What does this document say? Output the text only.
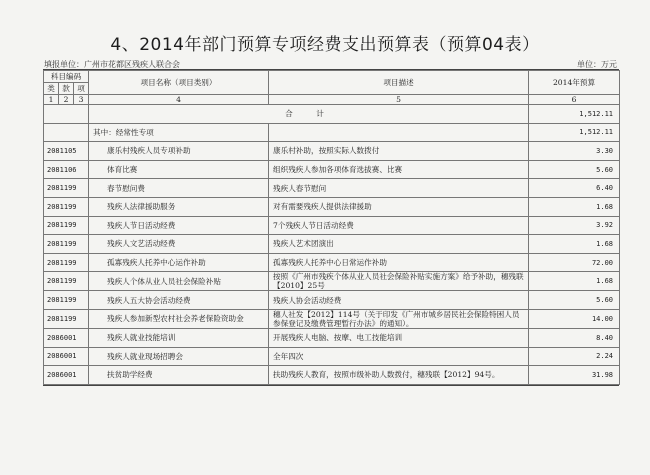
4、2014年部门预算专项经费支出预算表（预算04表）
填报单位：广州市花都区残疾人联合会	单位：万元
科目编码			项目名称（项目类别）	项目描述	2014年预算
类	款	项			
1	2	3	4	5	6
			合　计		1,512.11
			其中：经常性专项		1,512.11
2081105			康乐村残疾人员专项补助	康乐村补助，按照实际人数拨付	3.30
2081106			体育比赛	组织残疾人参加各项体育选拔赛、比赛	5.60
2081199			春节慰问费	残疾人春节慰问	6.40
2081199			残疾人法律援助服务	对有需要残疾人提供法律援助	1.68
2081199			残疾人节日活动经费	7个残疾人节日活动经费	3.92
2081199			残疾人文艺活动经费	残疾人艺术团演出	1.68
2081199			孤寡残疾人托养中心运作补助	孤寡残疾人托养中心日常运作补助	72.00
2081199			残疾人个体从业人员社会保险补贴	按照《广州市残疾个体从业人员社会保险补贴实施方案》给予补助，穗残联【2010】25号	1.68
2081199			残疾人五大协会活动经费	残疾人协会活动经费	5.60
2081199			残疾人参加新型农村社会养老保险资助金	穗人社发【2012】114号（关于印发《广州市城乡居民社会保险特困人员参保登记及缴费管理暂行办法》的通知）。	14.00
2086001			残疾人就业技能培训	开展残疾人电脑、按摩、电工技能培训	8.40
2086001			残疾人就业现场招聘会	全年四次	2.24
2086001			扶贫助学经费	扶助残疾人教育，按照市级补助人数拨付，穗残联【2012】94号。	31.98
